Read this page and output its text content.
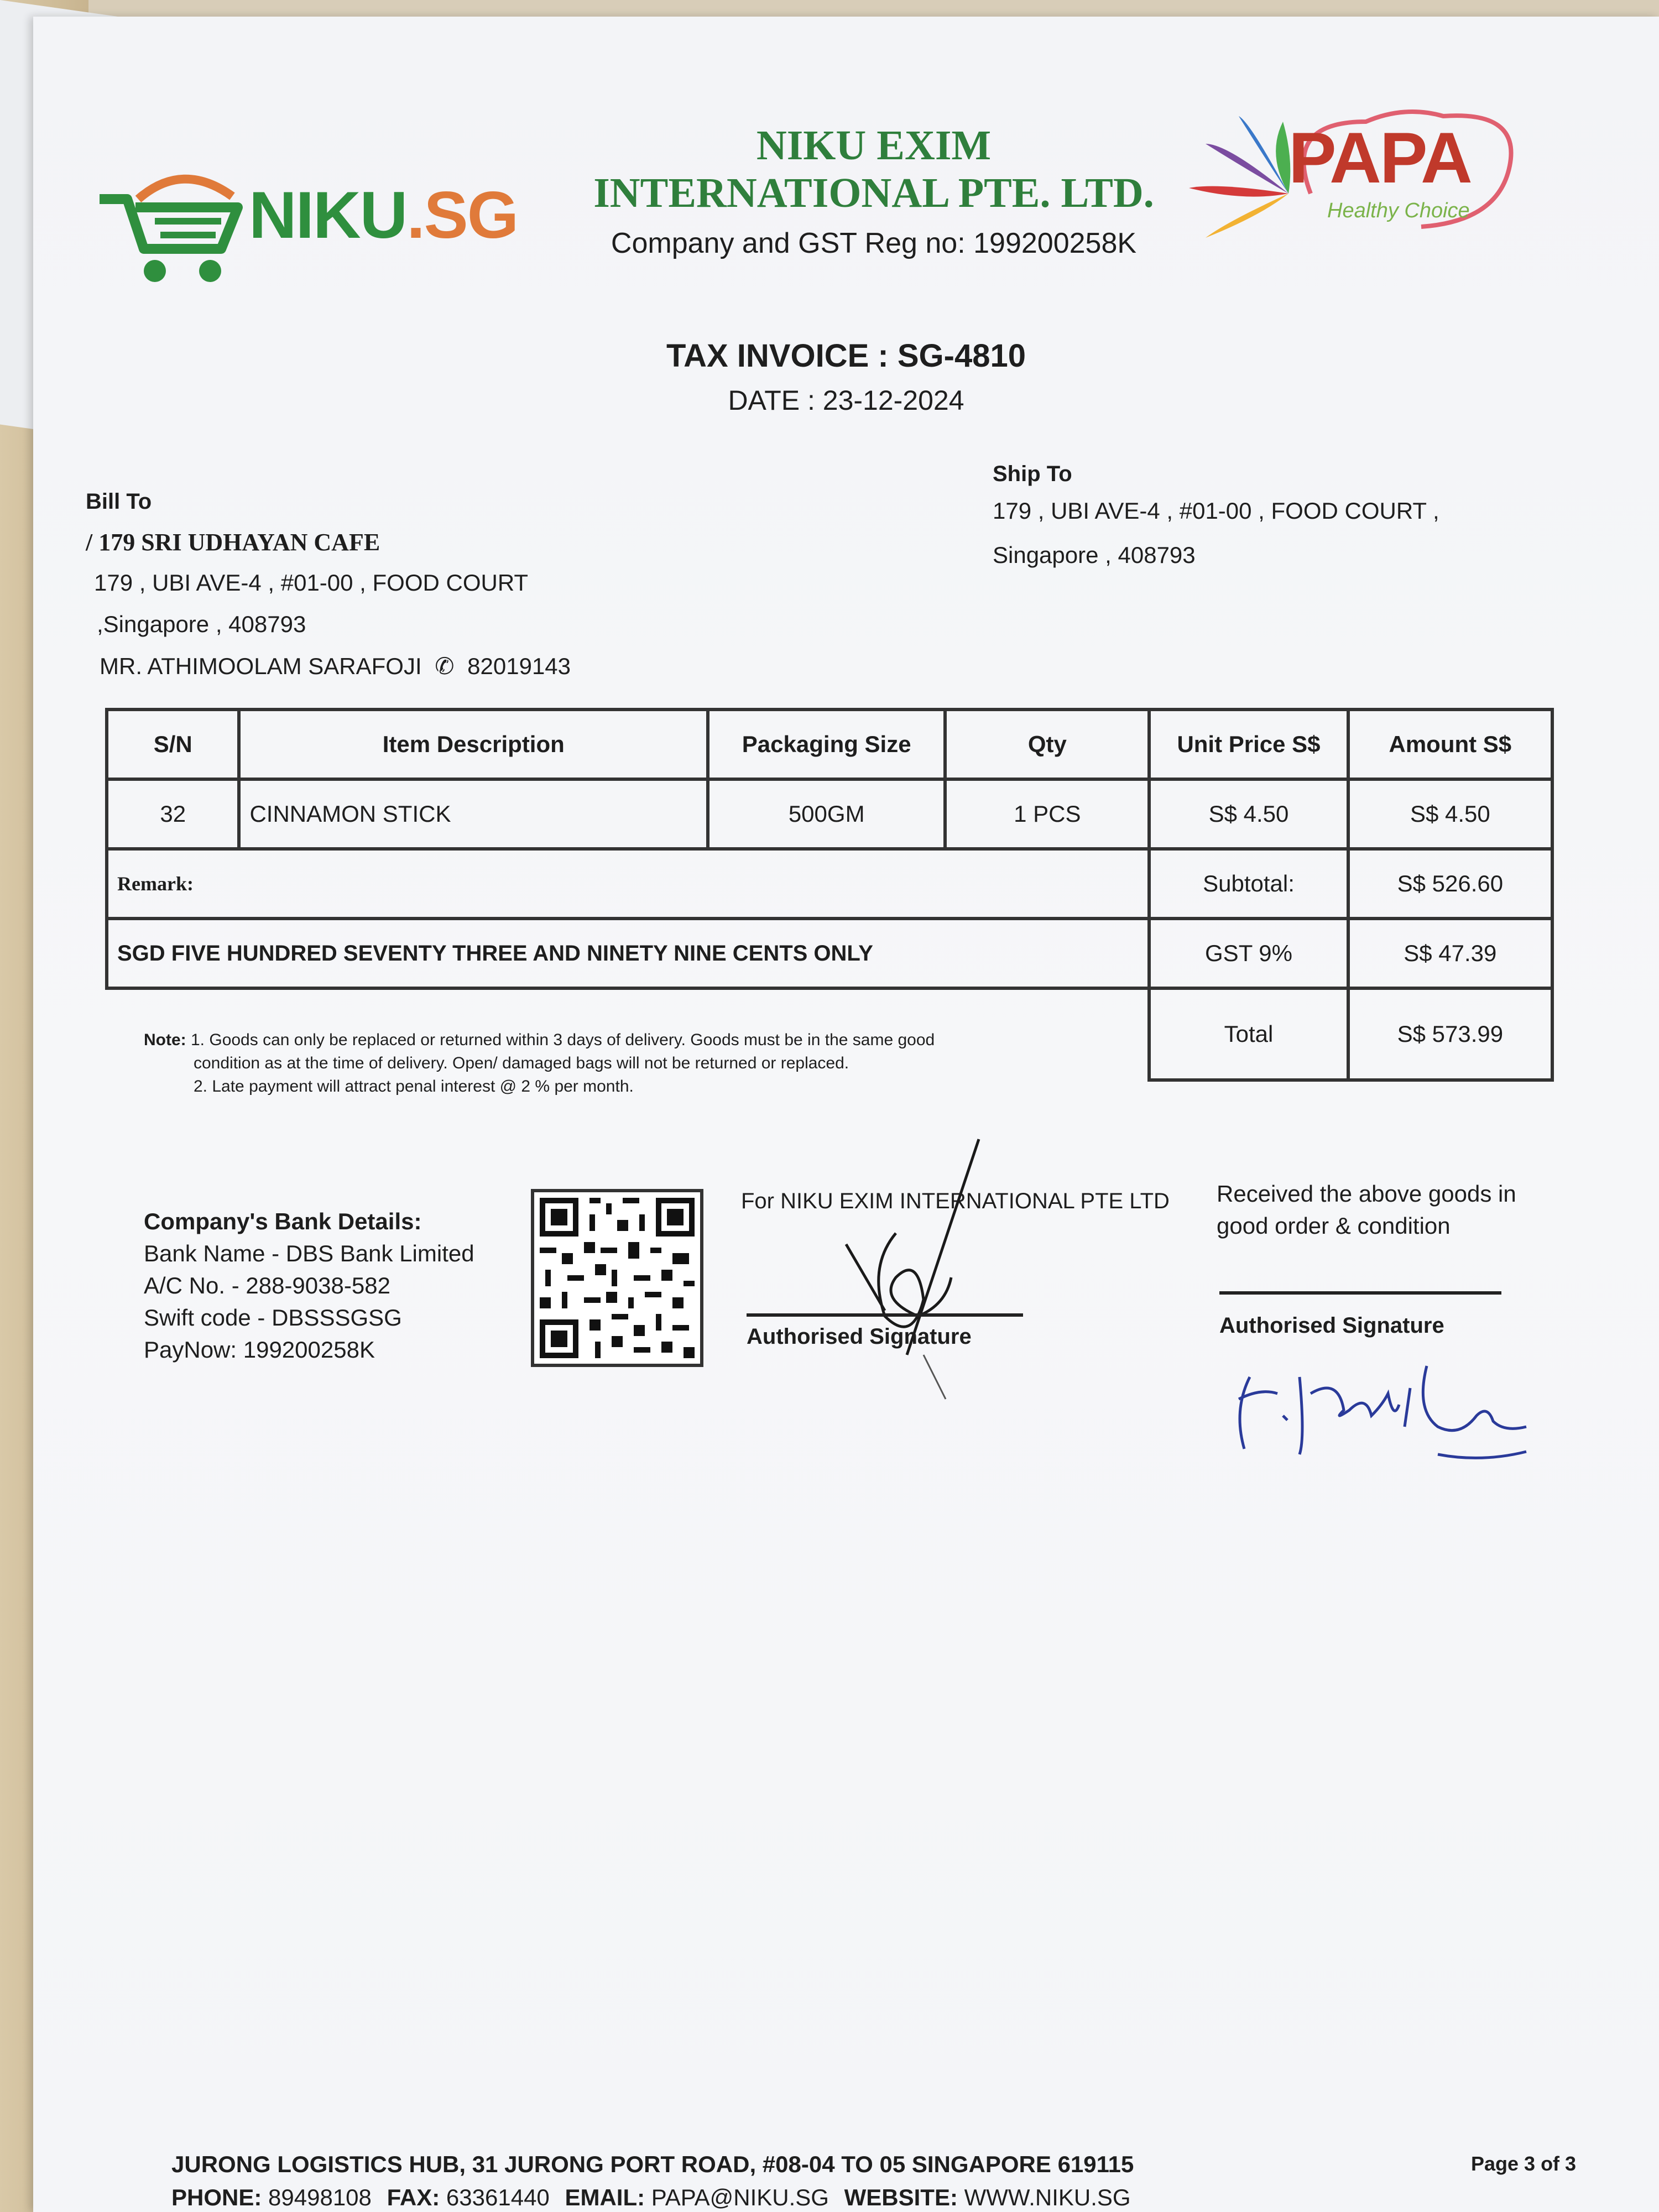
NIKU.SG
NIKU EXIM
INTERNATIONAL PTE. LTD.
Company and GST Reg no: 199200258K
PAPA
Healthy Choice
TAX INVOICE : SG-4810
DATE : 23-12-2024
Bill To
/ 179 SRI UDHAYAN CAFE
179 , UBI AVE-4 , #01-00 , FOOD COURT
,Singapore , 408793
MR. ATHIMOOLAM SARAFOJI ✆ 82019143
Ship To
179 , UBI AVE-4 , #01-00 , FOOD COURT ,
Singapore , 408793
S/N	Item Description	Packaging Size	Qty	Unit Price S$	Amount S$
32	CINNAMON STICK	500GM	1 PCS	S$ 4.50	S$ 4.50
Remark:				Subtotal:	S$ 526.60
SGD FIVE HUNDRED SEVENTY THREE AND NINETY NINE CENTS ONLY				GST 9%	S$ 47.39
				Total	S$ 573.99
Note: 1. Goods can only be replaced or returned within 3 days of delivery. Goods must be in the same good
condition as at the time of delivery. Open/ damaged bags will not be returned or replaced.
2. Late payment will attract penal interest @ 2 % per month.
Company's Bank Details:
Bank Name - DBS Bank Limited
A/C No. - 288-9038-582
Swift code - DBSSSGSG
PayNow: 199200258K
For NIKU EXIM INTERNATIONAL PTE LTD
Authorised Signature
Received the above goods in
good order & condition
Authorised Signature
JURONG LOGISTICS HUB, 31 JURONG PORT ROAD, #08-04 TO 05 SINGAPORE 619115
PHONE: 89498108 FAX: 63361440 EMAIL: PAPA@NIKU.SG WEBSITE: WWW.NIKU.SG
Page 3 of 3
